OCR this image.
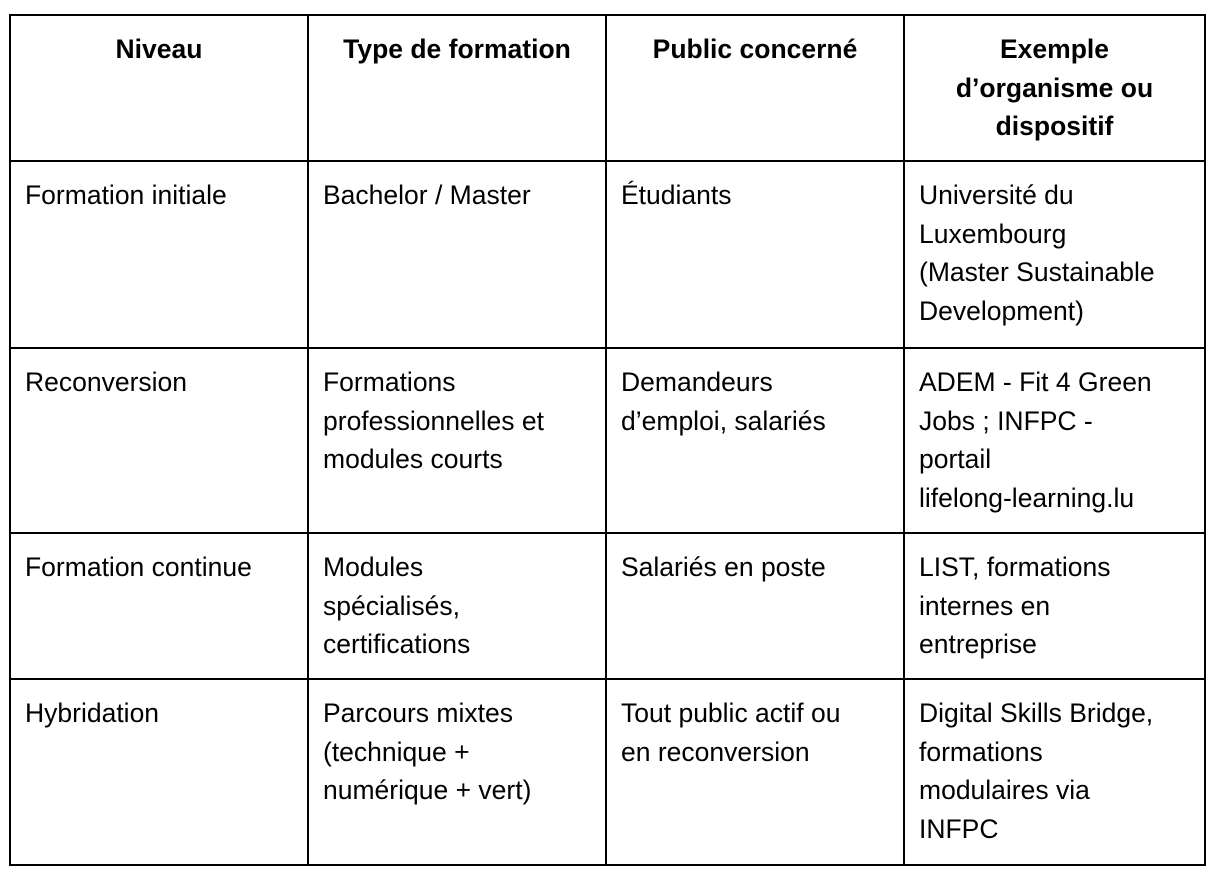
Niveau	Type de formation	Public concerné	Exemple
d’organisme ou
dispositif

Formation initiale	Bachelor / Master	Étudiants	Université du
Luxembourg
(Master Sustainable
Development)

Reconversion	Formations
professionnelles et
modules courts	Demandeurs
d’emploi, salariés	ADEM - Fit 4 Green
Jobs ; INFPC -
portail
lifelong-learning.lu

Formation continue	Modules
spécialisés,
certifications	Salariés en poste	LIST, formations
internes en
entreprise

Hybridation	Parcours mixtes
(technique +
numérique + vert)	Tout public actif ou
en reconversion	Digital Skills Bridge,
formations
modulaires via
INFPC
